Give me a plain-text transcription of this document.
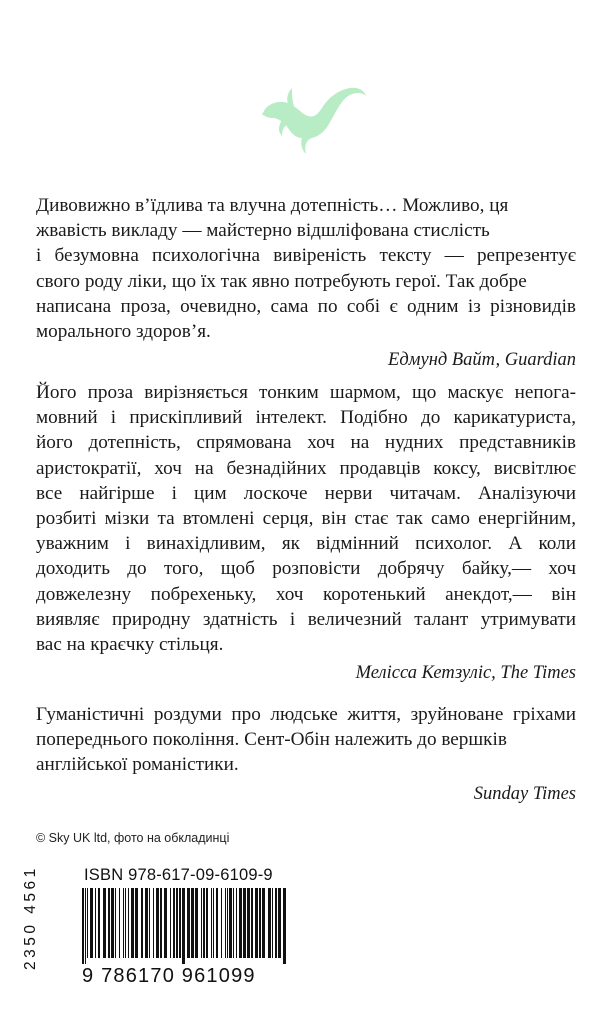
Дивовижно в’їдлива та влучна дотепність… Можливо, ця
жвавість викладу — майстерно відшліфована стислість
і безумовна психологічна вивіреність тексту — репрезентує
свого роду ліки, що їх так явно потребують герої. Так добре
написана проза, очевидно, сама по собі є одним із різновидів
морального здоров’я.
Едмунд Вайт, Guardian
Його проза вирізняється тонким шармом, що маскує непога-
мовний і прискіпливий інтелект. Подібно до карикатуриста,
його дотепність, спрямована хоч на нудних представників
аристократії, хоч на безнадійних продавців коксу, висвітлює
все найгірше і цим лоскоче нерви читачам. Аналізуючи
розбиті мізки та втомлені серця, він стає так само енергійним,
уважним і винахідливим, як відмінний психолог. А коли
доходить до того, щоб розповісти добрячу байку,— хоч
довжелезну побрехеньку, хоч коротенький анекдот,— він
виявляє природну здатність і величезний талант утримувати
вас на краєчку стільця.
Мелісса Кетзуліс, The Times
Гуманістичні роздуми про людське життя, зруйноване гріхами
попереднього покоління. Сент-Обін належить до вершків
англійської романістики.
Sunday Times
© Sky UK ltd, фото на обкладинці
ISBN 978-617-09-6109-9
2350 4561
9 786170 961099
